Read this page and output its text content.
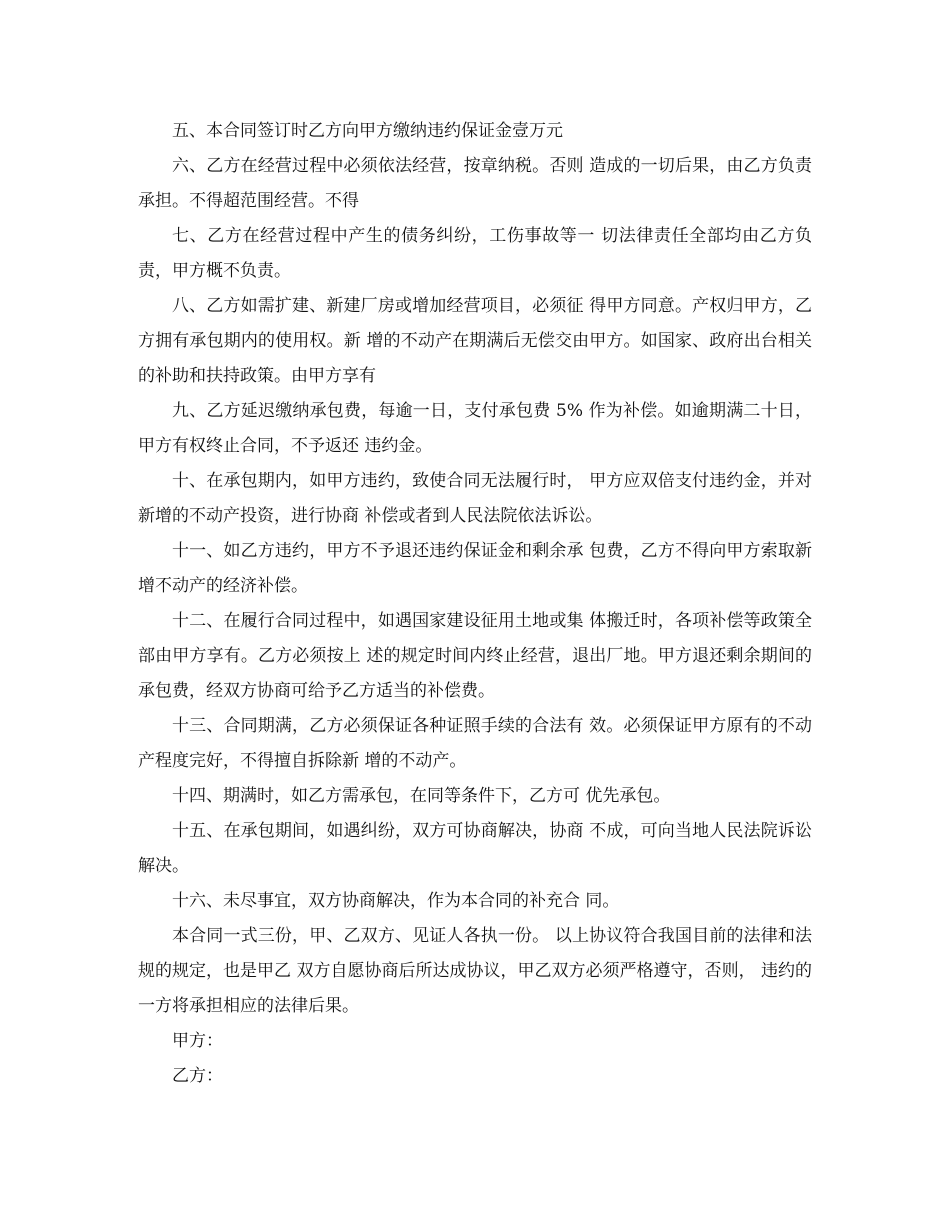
五、本合同签订时乙方向甲方缴纳违约保证金壹万元

六、乙方在经营过程中必须依法经营，按章纳税。否则 造成的一切后果，由乙方负责承担。不得超范围经营。不得

七、乙方在经营过程中产生的债务纠纷，工伤事故等一 切法律责任全部均由乙方负责，甲方概不负责。

八、乙方如需扩建、新建厂房或增加经营项目，必须征 得甲方同意。产权归甲方，乙方拥有承包期内的使用权。新 增的不动产在期满后无偿交由甲方。如国家、政府出台相关 的补助和扶持政策。由甲方享有

九、乙方延迟缴纳承包费，每逾一日，支付承包费 5% 作为补偿。如逾期满二十日，甲方有权终止合同，不予返还 违约金。

十、在承包期内，如甲方违约，致使合同无法履行时， 甲方应双倍支付违约金，并对新增的不动产投资，进行协商 补偿或者到人民法院依法诉讼。

十一、如乙方违约，甲方不予退还违约保证金和剩余承 包费，乙方不得向甲方索取新增不动产的经济补偿。

十二、在履行合同过程中，如遇国家建设征用土地或集 体搬迁时，各项补偿等政策全部由甲方享有。乙方必须按上 述的规定时间内终止经营，退出厂地。甲方退还剩余期间的 承包费，经双方协商可给予乙方适当的补偿费。

十三、合同期满，乙方必须保证各种证照手续的合法有 效。必须保证甲方原有的不动产程度完好，不得擅自拆除新 增的不动产。

十四、期满时，如乙方需承包，在同等条件下，乙方可 优先承包。

十五、在承包期间，如遇纠纷，双方可协商解决，协商 不成，可向当地人民法院诉讼解决。

十六、未尽事宜，双方协商解决，作为本合同的补充合 同。

本合同一式三份，甲、乙双方、见证人各执一份。 以上协议符合我国目前的法律和法规的规定，也是甲乙 双方自愿协商后所达成协议，甲乙双方必须严格遵守，否则， 违约的一方将承担相应的法律后果。

甲方：

乙方：
